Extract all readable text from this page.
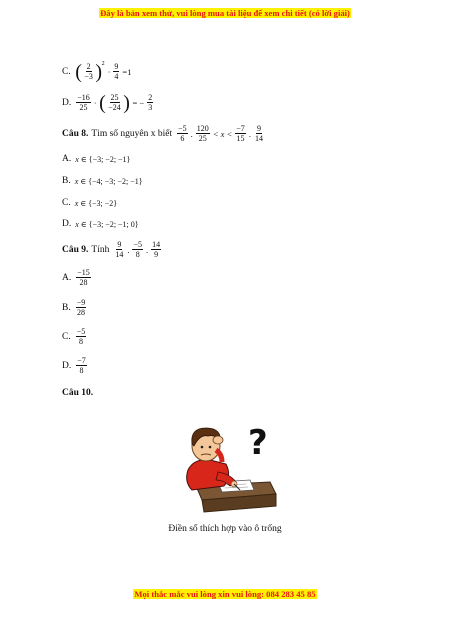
Đây là bản xem thử, vui lòng mua tài liệu để xem chi tiết (có lời giải)
C. ( $\frac{2}{-3}$ ) 2
· $\frac{9}{4} =1$
D. $\frac{-16}{25}$ · ( $\frac{25}{-24}$ ) = − $\frac{2}{3}$
Câu 8. Tìm số nguyên x biết $\frac{-5}{6}$ . $\frac{120}{25} < x < \frac{-7}{15}$ . $\frac{9}{14}$
A. x ∈ {−3; −2; −1}
B. x ∈ {−4; −3; −2; −1}
C. x ∈ {−3; −2}
D. x ∈ {−3; −2; −1; 0}
Câu 9. Tính $\frac{9}{14}$ . $\frac{-5}{8}$ . $\frac{14}{9}$
A. $\frac{-15}{28}$
B. $\frac{-9}{28}$
C. $\frac{-5}{8}$
D. $\frac{-7}{8}$
Câu 10.
?
Điền số thích hợp vào ô trống
Mọi thắc mắc vui lòng xin vui lòng: 084 283 45 85
